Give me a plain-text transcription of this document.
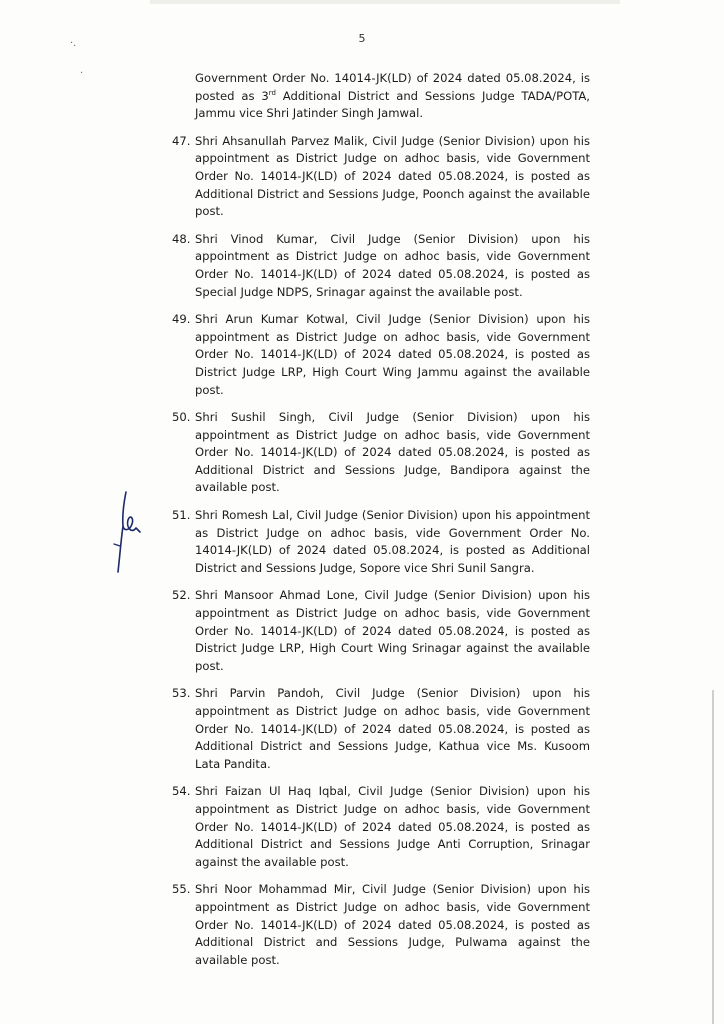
·.
·
5
Government Order No. 14014-JK(LD) of 2024 dated 05.08.2024, is posted as 3rd Additional District and Sessions Judge TADA/POTA, Jammu vice Shri Jatinder Singh Jamwal.
47. Shri Ahsanullah Parvez Malik, Civil Judge (Senior Division) upon his appointment as District Judge on adhoc basis, vide Government Order No. 14014-JK(LD) of 2024 dated 05.08.2024, is posted as Additional District and Sessions Judge, Poonch against the available post.
48. Shri Vinod Kumar, Civil Judge (Senior Division) upon his appointment as District Judge on adhoc basis, vide Government Order No. 14014-JK(LD) of 2024 dated 05.08.2024, is posted as Special Judge NDPS, Srinagar against the available post.
49. Shri Arun Kumar Kotwal, Civil Judge (Senior Division) upon his appointment as District Judge on adhoc basis, vide Government Order No. 14014-JK(LD) of 2024 dated 05.08.2024, is posted as District Judge LRP, High Court Wing Jammu against the available post.
50. Shri Sushil Singh, Civil Judge (Senior Division) upon his appointment as District Judge on adhoc basis, vide Government Order No. 14014-JK(LD) of 2024 dated 05.08.2024, is posted as Additional District and Sessions Judge, Bandipora against the available post.
51. Shri Romesh Lal, Civil Judge (Senior Division) upon his appointment as District Judge on adhoc basis, vide Government Order No. 14014-JK(LD) of 2024 dated 05.08.2024, is posted as Additional District and Sessions Judge, Sopore vice Shri Sunil Sangra.
52. Shri Mansoor Ahmad Lone, Civil Judge (Senior Division) upon his appointment as District Judge on adhoc basis, vide Government Order No. 14014-JK(LD) of 2024 dated 05.08.2024, is posted as District Judge LRP, High Court Wing Srinagar against the available post.
53. Shri Parvin Pandoh, Civil Judge (Senior Division) upon his appointment as District Judge on adhoc basis, vide Government Order No. 14014-JK(LD) of 2024 dated 05.08.2024, is posted as Additional District and Sessions Judge, Kathua vice Ms. Kusoom Lata Pandita.
54. Shri Faizan Ul Haq Iqbal, Civil Judge (Senior Division) upon his appointment as District Judge on adhoc basis, vide Government Order No. 14014-JK(LD) of 2024 dated 05.08.2024, is posted as Additional District and Sessions Judge Anti Corruption, Srinagar against the available post.
55. Shri Noor Mohammad Mir, Civil Judge (Senior Division) upon his appointment as District Judge on adhoc basis, vide Government Order No. 14014-JK(LD) of 2024 dated 05.08.2024, is posted as Additional District and Sessions Judge, Pulwama against the available post.
